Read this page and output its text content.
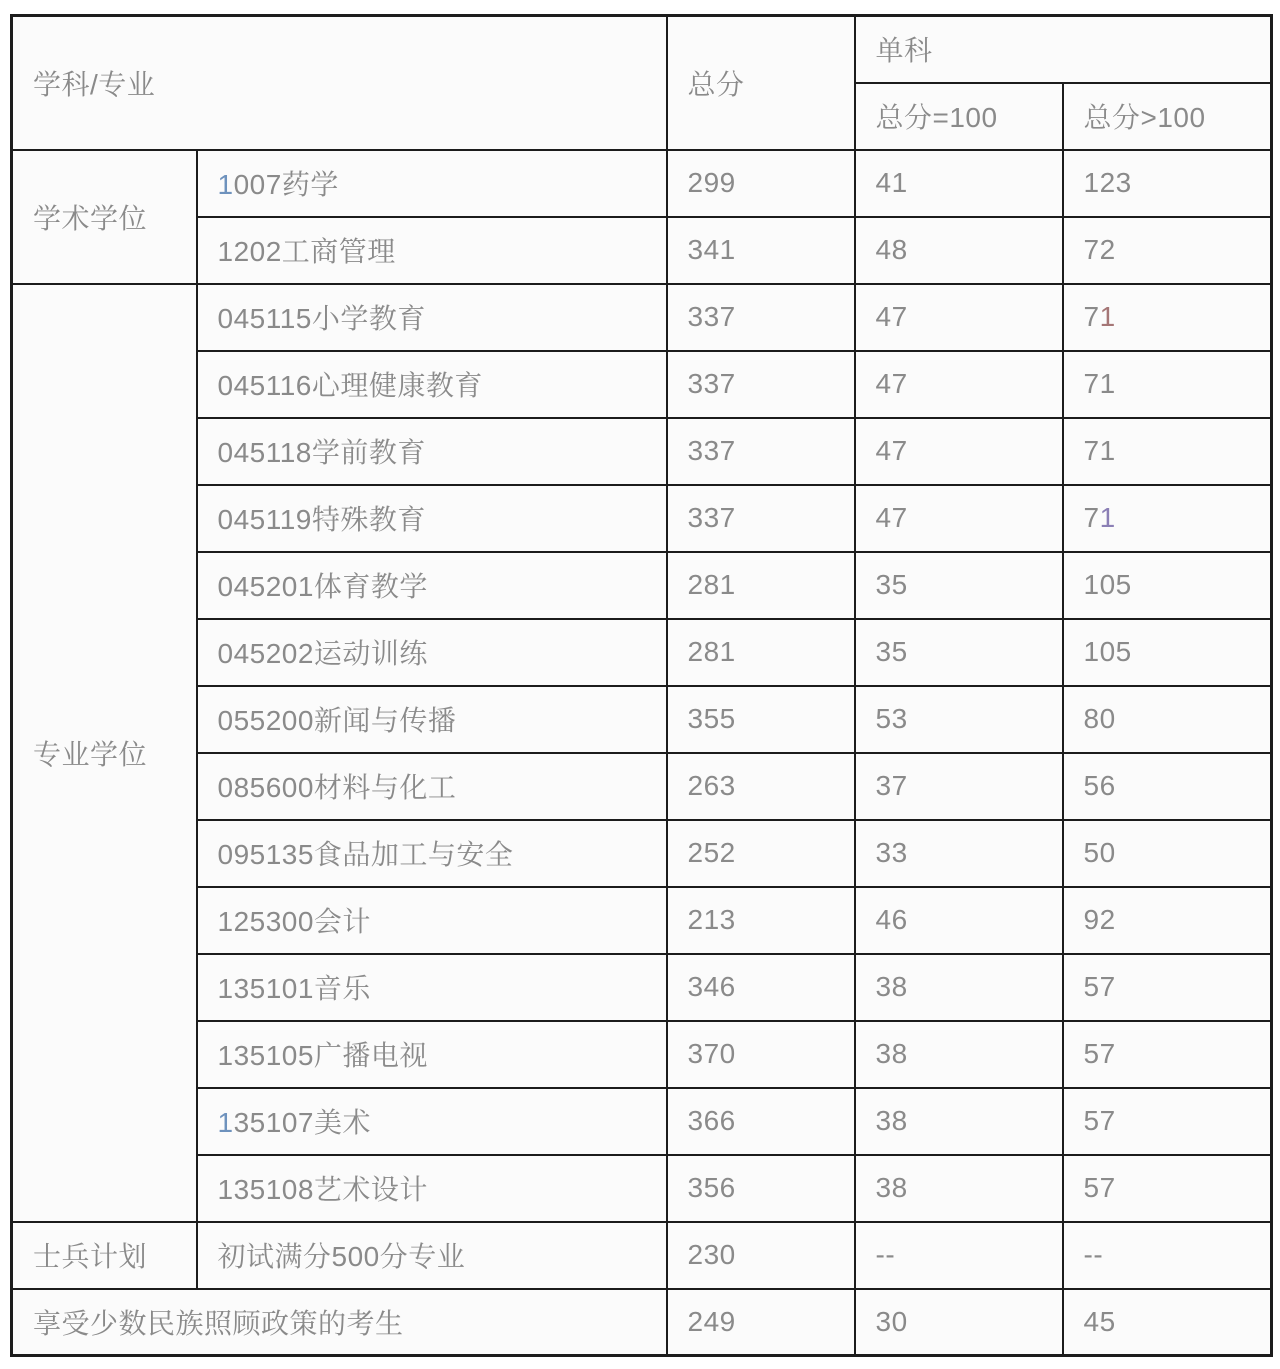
学科/专业		总分	单科	
			总分=100	总分>100
学术学位	1007药学	299	41	123
	1202工商管理	341	48	72
专业学位	045115小学教育	337	47	71
	045116心理健康教育	337	47	71
	045118学前教育	337	47	71
	045119特殊教育	337	47	71
	045201体育教学	281	35	105
	045202运动训练	281	35	105
	055200新闻与传播	355	53	80
	085600材料与化工	263	37	56
	095135食品加工与安全	252	33	50
	125300会计	213	46	92
	135101音乐	346	38	57
	135105广播电视	370	38	57
	135107美术	366	38	57
	135108艺术设计	356	38	57
士兵计划	初试满分500分专业	230	--	--
享受少数民族照顾政策的考生		249	30	45
